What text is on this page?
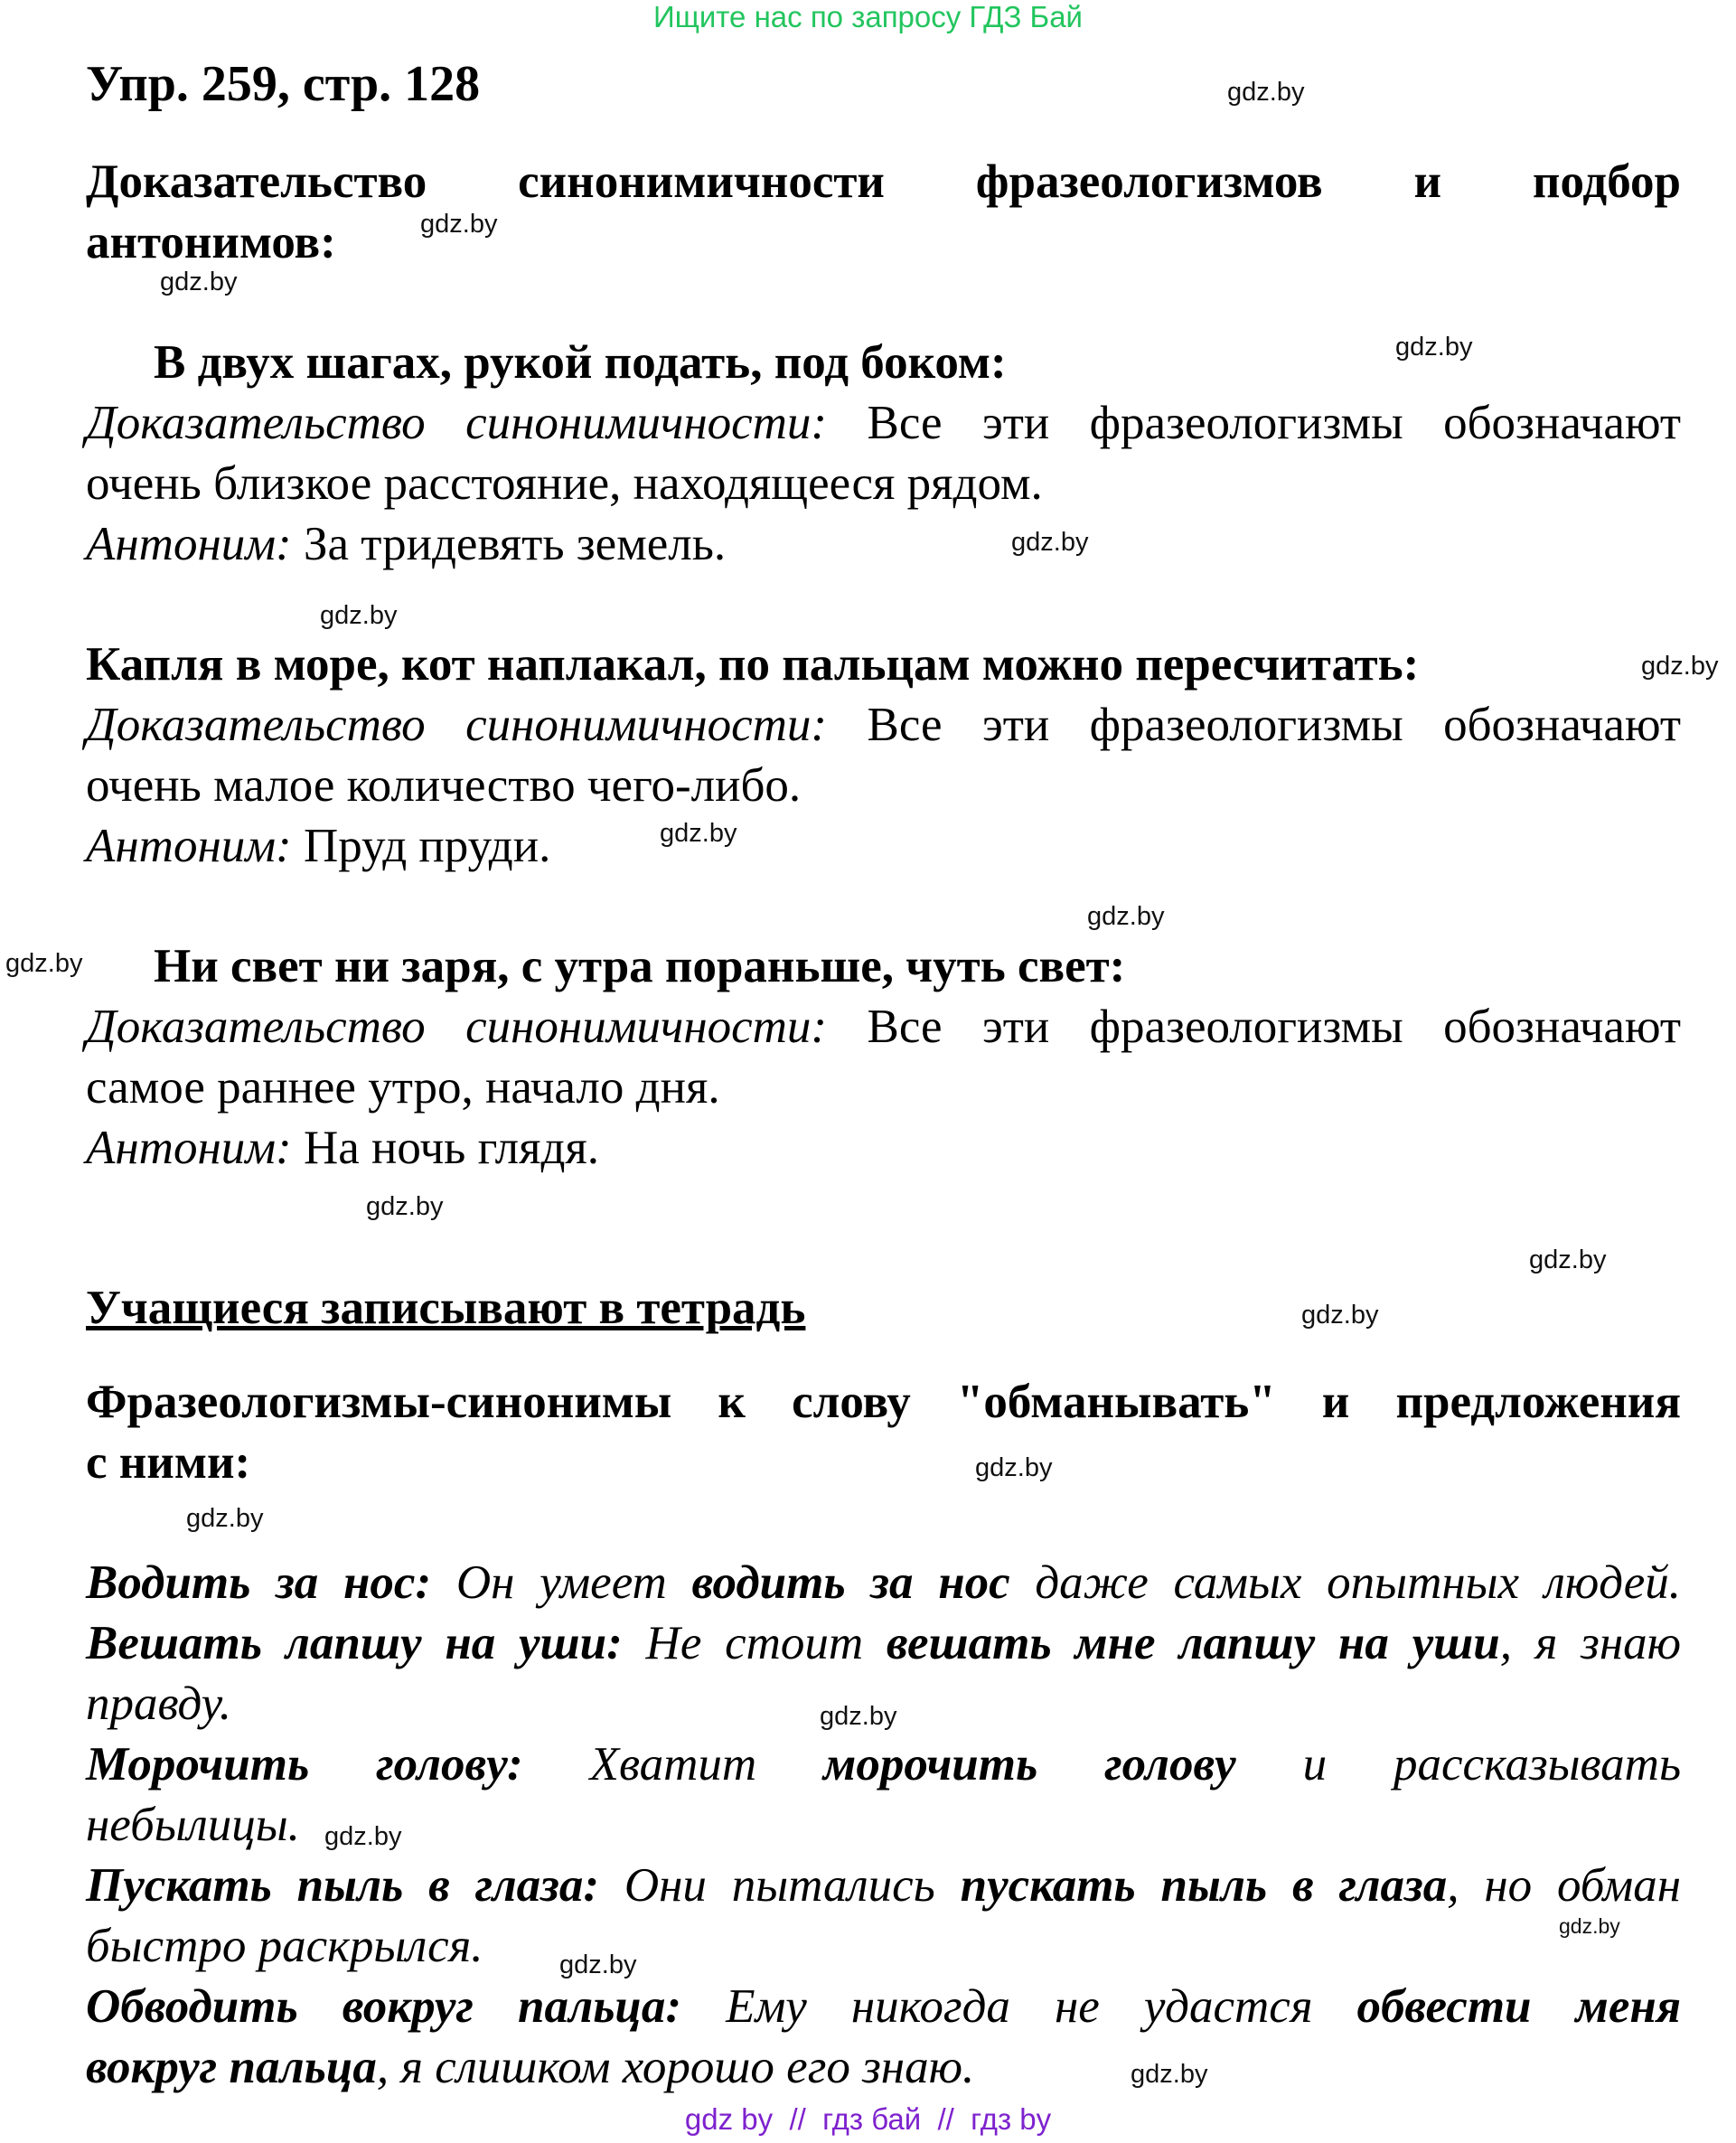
Ищите нас по запросу ГДЗ Бай
Упр. 259, стр. 128
Доказательство синонимичности фразеологизмов и подбор
антонимов:
В двух шагах, рукой подать, под боком:
Доказательство синонимичности: Все эти фразеологизмы обозначают
очень близкое расстояние, находящееся рядом.
Антоним: За тридевять земель.
Капля в море, кот наплакал, по пальцам можно пересчитать:
Доказательство синонимичности: Все эти фразеологизмы обозначают
очень малое количество чего-либо.
Антоним: Пруд пруди.
Ни свет ни заря, с утра пораньше, чуть свет:
Доказательство синонимичности: Все эти фразеологизмы обозначают
самое раннее утро, начало дня.
Антоним: На ночь глядя.
Учащиеся записывают в тетрадь
Фразеологизмы-синонимы к слову "обманывать" и предложения
с ними:
Водить за нос: Он умеет водить за нос даже самых опытных людей.
Вешать лапшу на уши: Не стоит вешать мне лапшу на уши, я знаю
правду.
Морочить голову: Хватит морочить голову и рассказывать
небылицы.
Пускать пыль в глаза: Они пытались пускать пыль в глаза, но обман
быстро раскрылся.
Обводить вокруг пальца: Ему никогда не удастся обвести меня
вокруг пальца, я слишком хорошо его знаю.
gdz.by
gdz.by
gdz.by
gdz.by
gdz.by
gdz.by
gdz.by
gdz.by
gdz.by
gdz.by
gdz.by
gdz.by
gdz.by
gdz.by
gdz.by
gdz.by
gdz.by
gdz.by
gdz.by
gdz.by
gdz by  //  гдз бай  //  гдз by
